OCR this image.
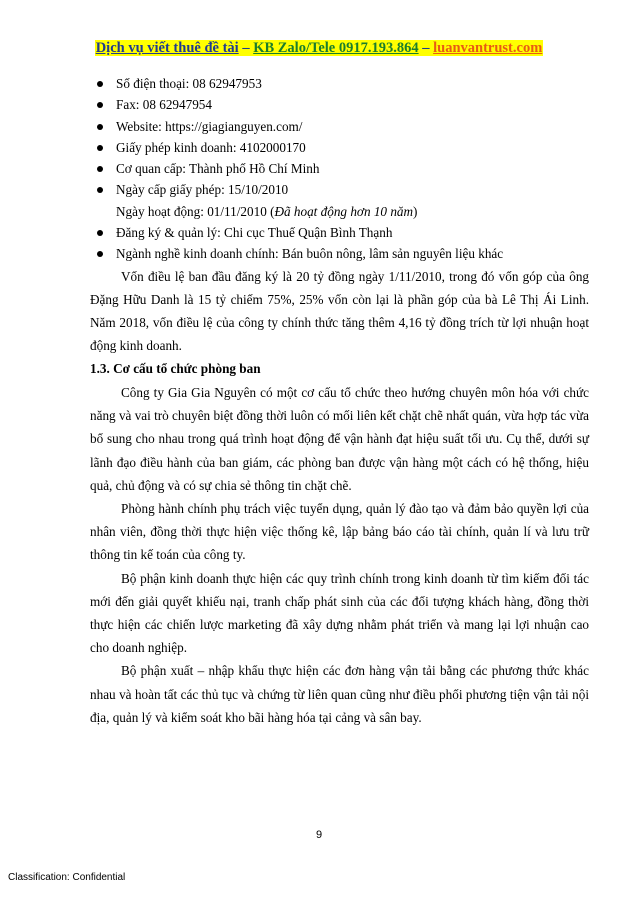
Dịch vụ viết thuê đề tài – KB Zalo/Tele 0917.193.864 – luanvantrust.com
Số điện thoại: 08 62947953
Fax: 08 62947954
Website: https://giagianguyen.com/
Giấy phép kinh doanh: 4102000170
Cơ quan cấp: Thành phố Hồ Chí Minh
Ngày cấp giấy phép: 15/10/2010
Ngày hoạt động: 01/11/2010 (Đã hoạt động hơn 10 năm)
Đăng ký & quản lý: Chi cục Thuế Quận Bình Thạnh
Ngành nghề kinh doanh chính: Bán buôn nông, lâm sản nguyên liệu khác

Vốn điều lệ ban đầu đăng ký là 20 tỷ đồng ngày 1/11/2010, trong đó vốn góp của ông Đặng Hữu Danh là 15 tỷ chiếm 75%, 25% vốn còn lại là phần góp của bà Lê Thị Ái Linh. Năm 2018, vốn điều lệ của công ty chính thức tăng thêm 4,16 tỷ đồng trích từ lợi nhuận hoạt động kinh doanh.

1.3. Cơ cấu tổ chức phòng ban

Công ty Gia Gia Nguyên có một cơ cấu tổ chức theo hướng chuyên môn hóa với chức năng và vai trò chuyên biệt đồng thời luôn có mối liên kết chặt chẽ nhất quán, vừa hợp tác vừa bổ sung cho nhau trong quá trình hoạt động để vận hành đạt hiệu suất tối ưu. Cụ thể, dưới sự lãnh đạo điều hành của ban giám, các phòng ban được vận hàng một cách có hệ thống, hiệu quả, chủ động và có sự chia sẻ thông tin chặt chẽ.

Phòng hành chính phụ trách việc tuyển dụng, quản lý đào tạo và đảm bảo quyền lợi của nhân viên, đồng thời thực hiện việc thống kê, lập bảng báo cáo tài chính, quản lí và lưu trữ thông tin kế toán của công ty.

Bộ phận kinh doanh thực hiện các quy trình chính trong kinh doanh từ tìm kiếm đối tác mới đến giải quyết khiếu nại, tranh chấp phát sinh của các đối tượng khách hàng, đồng thời thực hiện các chiến lược marketing đã xây dựng nhằm phát triển và mang lại lợi nhuận cao cho doanh nghiệp.

Bộ phận xuất – nhập khẩu thực hiện các đơn hàng vận tải bằng các phương thức khác nhau và hoàn tất các thủ tục và chứng từ liên quan cũng như điều phối phương tiện vận tải nội địa, quản lý và kiểm soát kho bãi hàng hóa tại cảng và sân bay.

9
Classification: Confidential
